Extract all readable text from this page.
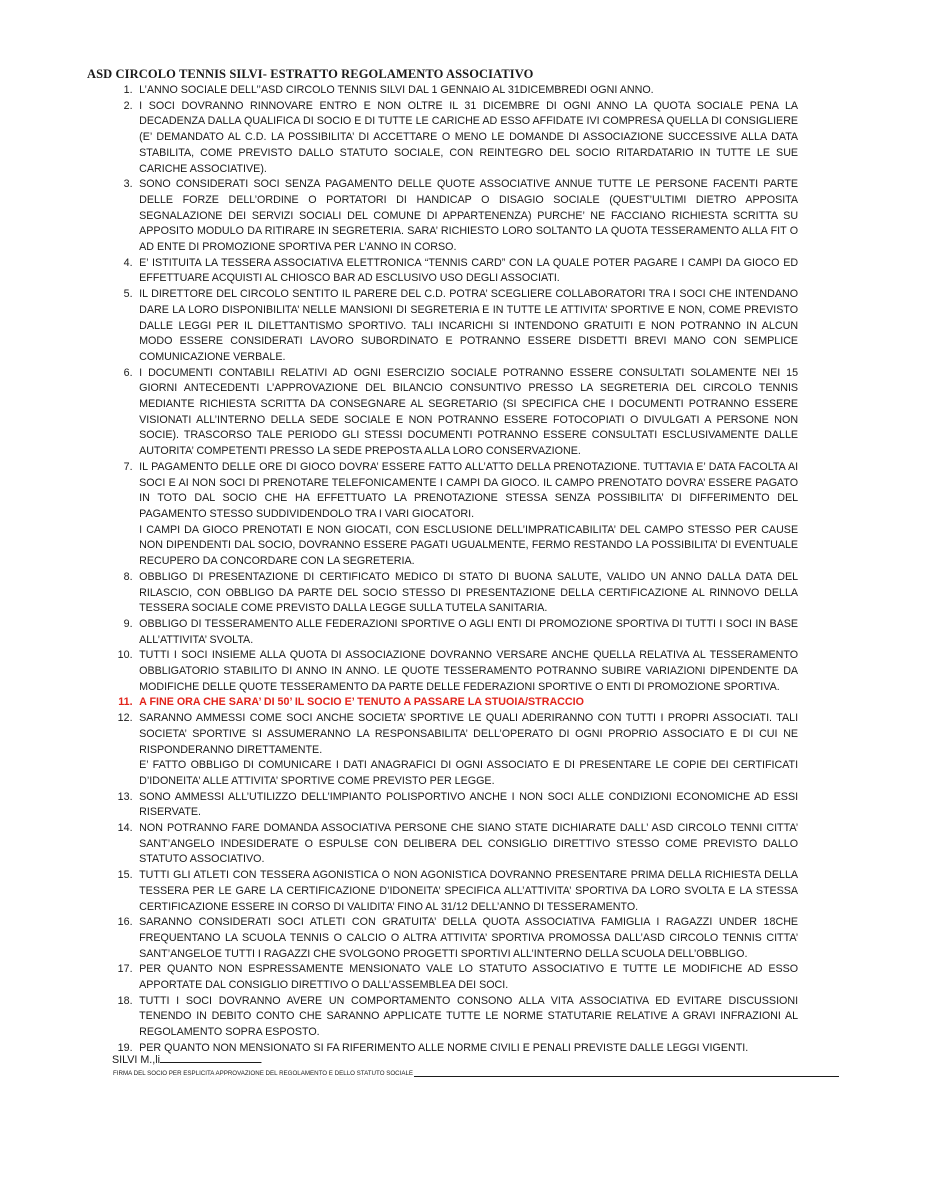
ASD CIRCOLO TENNIS SILVI- ESTRATTO REGOLAMENTO ASSOCIATIVO
1. L’ANNO SOCIALE DELL’’ASD CIRCOLO TENNIS SILVI DAL 1 GENNAIO AL 31DICEMBREDI OGNI ANNO.

2. I SOCI DOVRANNO RINNOVARE ENTRO E NON OLTRE IL 31 DICEMBRE DI OGNI ANNO LA QUOTA SOCIALE PENA LA DECADENZA DALLA QUALIFICA DI SOCIO E DI TUTTE LE CARICHE AD ESSO AFFIDATE IVI COMPRESA QUELLA DI CONSIGLIERE (E’ DEMANDATO AL C.D. LA POSSIBILITA’ DI ACCETTARE O MENO LE DOMANDE DI ASSOCIAZIONE SUCCESSIVE ALLA DATA STABILITA, COME PREVISTO DALLO STATUTO SOCIALE, CON REINTEGRO DEL SOCIO RITARDATARIO IN TUTTE LE SUE CARICHE ASSOCIATIVE).

3. SONO CONSIDERATI SOCI SENZA PAGAMENTO DELLE QUOTE ASSOCIATIVE ANNUE TUTTE LE PERSONE FACENTI PARTE DELLE FORZE DELL’ORDINE O PORTATORI DI HANDICAP O DISAGIO SOCIALE (QUEST’ULTIMI DIETRO APPOSITA SEGNALAZIONE DEI SERVIZI SOCIALI DEL COMUNE DI APPARTENENZA) PURCHE’ NE FACCIANO RICHIESTA SCRITTA SU APPOSITO MODULO DA RITIRARE IN SEGRETERIA. SARA’ RICHIESTO LORO SOLTANTO LA QUOTA TESSERAMENTO ALLA FIT O AD ENTE DI PROMOZIONE SPORTIVA PER L’ANNO IN CORSO.

4. E’ ISTITUITA LA TESSERA ASSOCIATIVA ELETTRONICA “TENNIS CARD” CON LA QUALE POTER PAGARE I CAMPI DA GIOCO ED EFFETTUARE ACQUISTI AL CHIOSCO BAR AD ESCLUSIVO USO DEGLI ASSOCIATI.

5. IL DIRETTORE DEL CIRCOLO SENTITO IL PARERE DEL C.D. POTRA’ SCEGLIERE COLLABORATORI TRA I SOCI CHE INTENDANO DARE LA LORO DISPONIBILITA’ NELLE MANSIONI DI SEGRETERIA E IN TUTTE LE ATTIVITA’ SPORTIVE E NON, COME PREVISTO DALLE LEGGI PER IL DILETTANTISMO SPORTIVO. TALI INCARICHI SI INTENDONO GRATUITI E NON POTRANNO IN ALCUN MODO ESSERE CONSIDERATI LAVORO SUBORDINATO E POTRANNO ESSERE DISDETTI BREVI MANO CON SEMPLICE COMUNICAZIONE VERBALE.

6. I DOCUMENTI CONTABILI RELATIVI AD OGNI ESERCIZIO SOCIALE POTRANNO ESSERE CONSULTATI SOLAMENTE NEI 15 GIORNI ANTECEDENTI L’APPROVAZIONE DEL BILANCIO CONSUNTIVO PRESSO LA SEGRETERIA DEL CIRCOLO TENNIS MEDIANTE RICHIESTA SCRITTA DA CONSEGNARE AL SEGRETARIO (SI SPECIFICA CHE I DOCUMENTI POTRANNO ESSERE VISIONATI ALL’INTERNO DELLA SEDE SOCIALE E NON POTRANNO ESSERE FOTOCOPIATI O DIVULGATI A PERSONE NON SOCIE). TRASCORSO TALE PERIODO GLI STESSI DOCUMENTI POTRANNO ESSERE CONSULTATI ESCLUSIVAMENTE DALLE AUTORITA’ COMPETENTI PRESSO LA SEDE PREPOSTA ALLA LORO CONSERVAZIONE.

7. IL PAGAMENTO DELLE ORE DI GIOCO DOVRA’ ESSERE FATTO ALL’ATTO DELLA PRENOTAZIONE. TUTTAVIA E’ DATA FACOLTA AI SOCI E AI NON SOCI DI PRENOTARE TELEFONICAMENTE I CAMPI DA GIOCO. IL CAMPO PRENOTATO DOVRA’ ESSERE PAGATO IN TOTO DAL SOCIO CHE HA EFFETTUATO LA PRENOTAZIONE STESSA SENZA POSSIBILITA’ DI DIFFERIMENTO DEL PAGAMENTO STESSO SUDDIVIDENDOLO TRA I VARI GIOCATORI.

I CAMPI DA GIOCO PRENOTATI E NON GIOCATI, CON ESCLUSIONE DELL’IMPRATICABILITA’ DEL CAMPO STESSO PER CAUSE NON DIPENDENTI DAL SOCIO, DOVRANNO ESSERE PAGATI UGUALMENTE, FERMO RESTANDO LA POSSIBILITA’ DI EVENTUALE RECUPERO DA CONCORDARE CON LA SEGRETERIA.

8. OBBLIGO DI PRESENTAZIONE DI CERTIFICATO MEDICO DI STATO DI BUONA SALUTE, VALIDO UN ANNO DALLA DATA DEL RILASCIO, CON OBBLIGO DA PARTE DEL SOCIO STESSO DI PRESENTAZIONE DELLA CERTIFICAZIONE AL RINNOVO DELLA TESSERA SOCIALE COME PREVISTO DALLA LEGGE SULLA TUTELA SANITARIA.

9. OBBLIGO DI TESSERAMENTO ALLE FEDERAZIONI SPORTIVE O AGLI ENTI DI PROMOZIONE SPORTIVA DI TUTTI I SOCI IN BASE ALL’ATTIVITA’ SVOLTA.

10. TUTTI I SOCI INSIEME ALLA QUOTA DI ASSOCIAZIONE DOVRANNO VERSARE ANCHE QUELLA RELATIVA AL TESSERAMENTO OBBLIGATORIO STABILITO DI ANNO IN ANNO. LE QUOTE TESSERAMENTO POTRANNO SUBIRE VARIAZIONI DIPENDENTE DA MODIFICHE DELLE QUOTE TESSERAMENTO DA PARTE DELLE FEDERAZIONI SPORTIVE O ENTI DI PROMOZIONE SPORTIVA.

11. A FINE ORA CHE SARA’ DI 50’ IL SOCIO E’ TENUTO A PASSARE LA STUOIA/STRACCIO

12. SARANNO AMMESSI COME SOCI ANCHE SOCIETA’ SPORTIVE LE QUALI ADERIRANNO CON TUTTI I PROPRI ASSOCIATI. TALI SOCIETA’ SPORTIVE SI ASSUMERANNO LA RESPONSABILITA’ DELL’OPERATO DI OGNI PROPRIO ASSOCIATO E DI CUI NE RISPONDERANNO DIRETTAMENTE.

E’ FATTO OBBLIGO DI COMUNICARE I DATI ANAGRAFICI DI OGNI ASSOCIATO E DI PRESENTARE LE COPIE DEI CERTIFICATI D’IDONEITA’ ALLE ATTIVITA’ SPORTIVE COME PREVISTO PER LEGGE.

13. SONO AMMESSI ALL’UTILIZZO DELL’IMPIANTO POLISPORTIVO ANCHE I NON SOCI ALLE CONDIZIONI ECONOMICHE AD ESSI RISERVATE.

14. NON POTRANNO FARE DOMANDA ASSOCIATIVA PERSONE CHE SIANO STATE DICHIARATE DALL’ ASD CIRCOLO TENNI CITTA’ SANT’ANGELO INDESIDERATE O ESPULSE CON DELIBERA DEL CONSIGLIO DIRETTIVO STESSO COME PREVISTO DALLO STATUTO ASSOCIATIVO.

15. TUTTI GLI ATLETI CON TESSERA AGONISTICA O NON AGONISTICA DOVRANNO PRESENTARE PRIMA DELLA RICHIESTA DELLA TESSERA PER LE GARE LA CERTIFICAZIONE D’IDONEITA’ SPECIFICA ALL’ATTIVITA’ SPORTIVA DA LORO SVOLTA E LA STESSA CERTIFICAZIONE ESSERE IN CORSO DI VALIDITA’ FINO AL 31/12 DELL’ANNO DI TESSERAMENTO.

16. SARANNO CONSIDERATI SOCI ATLETI CON GRATUITA’ DELLA QUOTA ASSOCIATIVA FAMIGLIA I RAGAZZI UNDER 18CHE FREQUENTANO LA SCUOLA TENNIS O CALCIO O ALTRA ATTIVITA’ SPORTIVA PROMOSSA DALL’ASD CIRCOLO TENNIS CITTA’ SANT’ANGELOE TUTTI I RAGAZZI CHE SVOLGONO PROGETTI SPORTIVI ALL’INTERNO DELLA SCUOLA DELL’OBBLIGO.

17. PER QUANTO NON ESPRESSAMENTE MENSIONATO VALE LO STATUTO ASSOCIATIVO E TUTTE LE MODIFICHE AD ESSO APPORTATE DAL CONSIGLIO DIRETTIVO O DALL’ASSEMBLEA DEI SOCI.

18. TUTTI I SOCI DOVRANNO AVERE UN COMPORTAMENTO CONSONO ALLA VITA ASSOCIATIVA ED EVITARE DISCUSSIONI TENENDO IN DEBITO CONTO CHE SARANNO APPLICATE TUTTE LE NORME STATUTARIE RELATIVE A GRAVI INFRAZIONI AL REGOLAMENTO SOPRA ESPOSTO.

19. PER QUANTO NON MENSIONATO SI FA RIFERIMENTO ALLE NORME CIVILI E PENALI PREVISTE DALLE LEGGI VIGENTI.

SILVI M.,li
FIRMA DEL SOCIO PER ESPLICITA APPROVAZIONE DEL REGOLAMENTO E DELLO STATUTO SOCIALE
